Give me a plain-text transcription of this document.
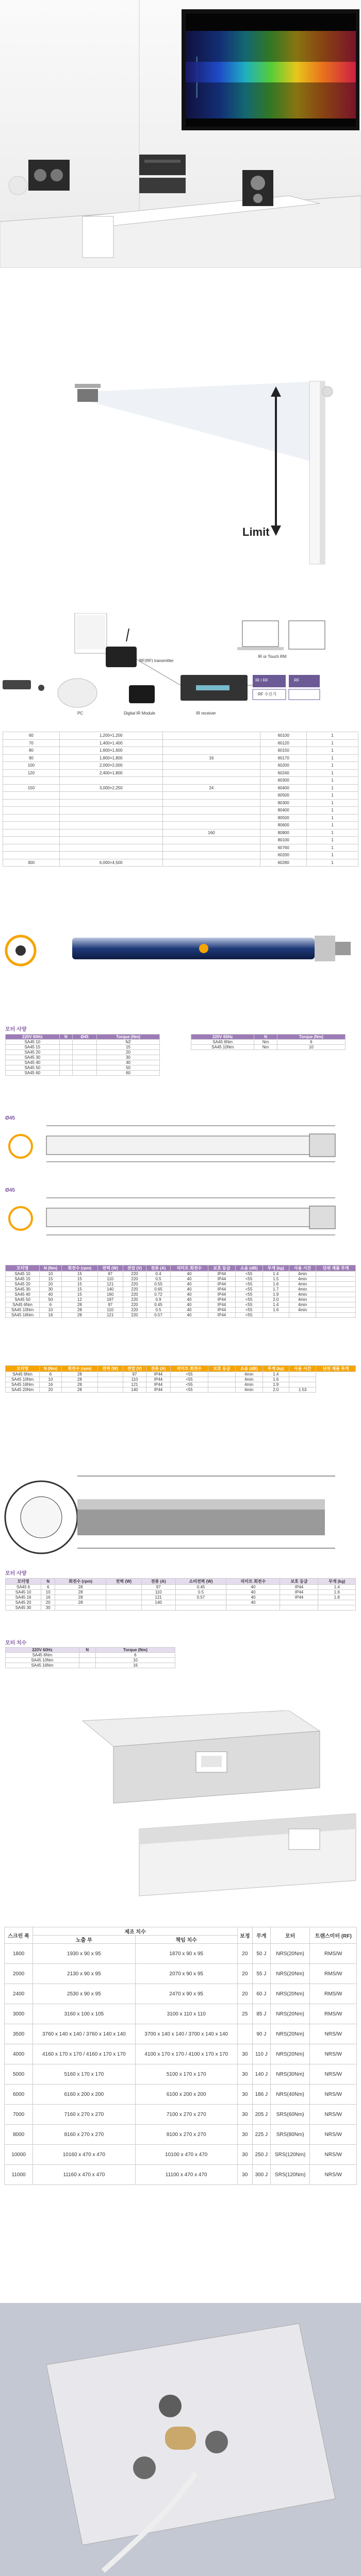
Limit
RF(RF) transmitter
IR or Touch RM
IR / RF	RF
RF 수신기
PC	Digital IR Module	IR receiver
60	1,200×1,200		60100	1
70	1,400×1,400		60120	1
80	1,600×1,600		60150	1
90	1,800×1,800	16	60170	1
100	2,000×2,000		60200	1
120	2,400×1,800		60240	1
			60300	1
150	3,000×2,250	24	60400	1
			60500	1
			80300	1
			80400	1
			80500	1
			80600	1
		160	80800	1
			80100	1
			60760	1
			60200	1
300	6,000×4,500		60280	1
모터 사양
220V 60Hz	N	Ø45	Torque (Nm)
SA45 10			N2
SA45 15			15
SA45 20			20
SA45 30			30
SA45 40			40
SA45 50			50
SA45 60			60
220V 60Hz	N	Torque (Nm)
SA45 6Nm	Nm	6
SA45 10Nm	Nm	10
Ø45
Ø45
모터명	N (Nm)	회전수 (rpm)	전력 (W)	전압 (V)	전류 (A)	리미트 회전수	보호 등급	소음 (dB)	무게 (kg)	사용 시간	단위 제품 무게
SA45 10	10	15	97	220	0.4	40	IP44	<55	1.4	4min	
SA45 15	15	15	110	220	0.5	40	IP44	<55	1.5	4min	
SA45 20	20	15	121	220	0.55	40	IP44	<55	1.6	4min	
SA45 30	30	15	140	220	0.65	40	IP44	<55	1.7	4min	
SA45 40	40	15	160	220	0.72	40	IP44	<55	1.9	4min	
SA45 50	50	12	197	220	0.9	40	IP44	<55	2.0	4min	
SA45 6Nm	6	28	97	220	0.45	40	IP44	<55	1.4	4min	
SA45 10Nm	10	28	110	220	0.5	40	IP44	<55	1.6	4min	
SA45 16Nm	16	28	121	220	0.57	40	IP44	<55			
모터명	N (Nm)	회전수 (rpm)	전력 (W)	전압 (V)	전류 (A)	리미트 회전수	보호 등급	소음 (dB)	무게 (kg)	사용 시간	단위 제품 무게
SA45 6Nm	6	28		97	IP44	<55		4min	1.4		
SA45 10Nm	10	28		110	IP44	<55		4min	1.6		
SA45 16Nm	16	28		121	IP44	<55		4min	1.9		
SA45 20Nm	20	28		140	IP44	<55		4min	2.0	1.53	
모터 사양
모터명	N	회전수 (rpm)	전력 (W)	전류 (A)	소비전력 (W)	리미트 회전수	보호 등급	무게 (kg)
SA45 6	6	28		97	0.45	40	IP44	1.4
SA45 10	10	28		110	0.5	40	IP44	1.6
SA45 16	16	28		121	0.57	40	IP44	1.8
SA45 20	20	28		140		40		
SA45 30	30							
모터 치수
220V 60Hz	N	Torque (Nm)
SA45 6Nm		6
SA45 10Nm		10
SA45 16Nm		16
스크린 폭	제조 치수		보정	무게	모터	트랜스미터 (RF)
	노출 부	책임 치수				
1800	1930 x 90 x 95	1870 x 90 x 95	20	50 J	NRS(20Nm)	RMS/W
2000	2130 x 90 x 95	2070 x 90 x 95	20	55 J	NRS(20Nm)	RMS/W
2400	2530 x 90 x 95	2470 x 90 x 95	20	60 J	NRS(20Nm)	RMS/W
3000	3160 x 100 x 105	3100 x 110 x 110	25	85 J	NRS(20Nm)	RMS/W
3500	3760 x 140 x 140 / 3760 x 140 x 140	3700 x 140 x 140 / 3700 x 140 x 140		90 J	NRS(20Nm)	NRS/W
4000	4160 x 170 x 170 / 4160 x 170 x 170	4100 x 170 x 170 / 4100 x 170 x 170	30	110 J	NRS(20Nm)	NRS/W
5000	5160 x 170 x 170	5100 x 170 x 170	30	140 J	NRS(30Nm)	NRS/W
6000	6160 x 200 x 200	6100 x 200 x 200	30	186 J	NRS(40Nm)	NRS/W
7000	7160 x 270 x 270	7100 x 270 x 270	30	205 J	SRS(60Nm)	NRS/W
8000	8160 x 270 x 270	8100 x 270 x 270	30	225 J	SRS(80Nm)	NRS/W
10000	10160 x 470 x 470	10100 x 470 x 470	30	250 J	SRS(120Nm)	NRS/W
11000	11160 x 470 x 470	11100 x 470 x 470	30	300 J	SRS(120Nm)	NRS/W
